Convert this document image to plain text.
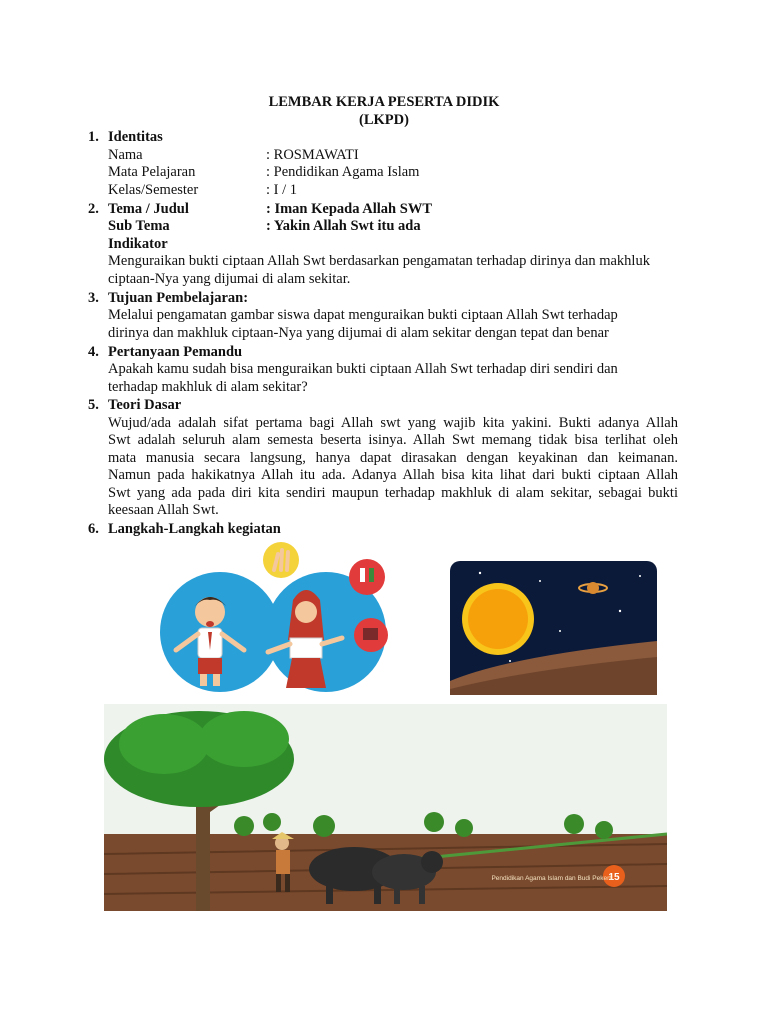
LEMBAR KERJA PESERTA DIDIK
(LKPD)
1. Identitas
Nama	: ROSMAWATI
Mata Pelajaran	: Pendidikan Agama Islam
Kelas/Semester	: I / 1
2. Tema / Judul	: Iman Kepada Allah SWT
Sub Tema	: Yakin Allah Swt itu ada
Indikator
Menguraikan bukti ciptaan Allah Swt berdasarkan pengamatan terhadap dirinya dan makhluk
ciptaan-Nya yang dijumai di alam sekitar.
3. Tujuan Pembelajaran:
Melalui pengamatan gambar siswa dapat menguraikan bukti ciptaan Allah Swt terhadap
dirinya dan makhluk ciptaan-Nya yang dijumai di alam sekitar dengan tepat dan benar
4. Pertanyaan Pemandu
Apakah kamu sudah bisa menguraikan bukti ciptaan Allah Swt terhadap diri sendiri dan
terhadap makhluk di alam sekitar?
5. Teori Dasar
Wujud/ada adalah sifat pertama bagi Allah swt yang wajib kita yakini. Bukti adanya Allah
Swt adalah seluruh alam semesta beserta isinya. Allah Swt memang tidak bisa terlihat oleh
mata manusia secara langsung, hanya dapat dirasakan dengan keyakinan dan keimanan.
Namun pada hakikatnya Allah itu ada. Adanya Allah bisa kita lihat dari bukti ciptaan Allah
Swt yang ada pada diri kita sendiri maupun terhadap makhluk di alam sekitar, sebagai bukti
keesaan Allah Swt.
6. Langkah-Langkah kegiatan
15
Pendidikan Agama Islam dan Budi Pekerti
